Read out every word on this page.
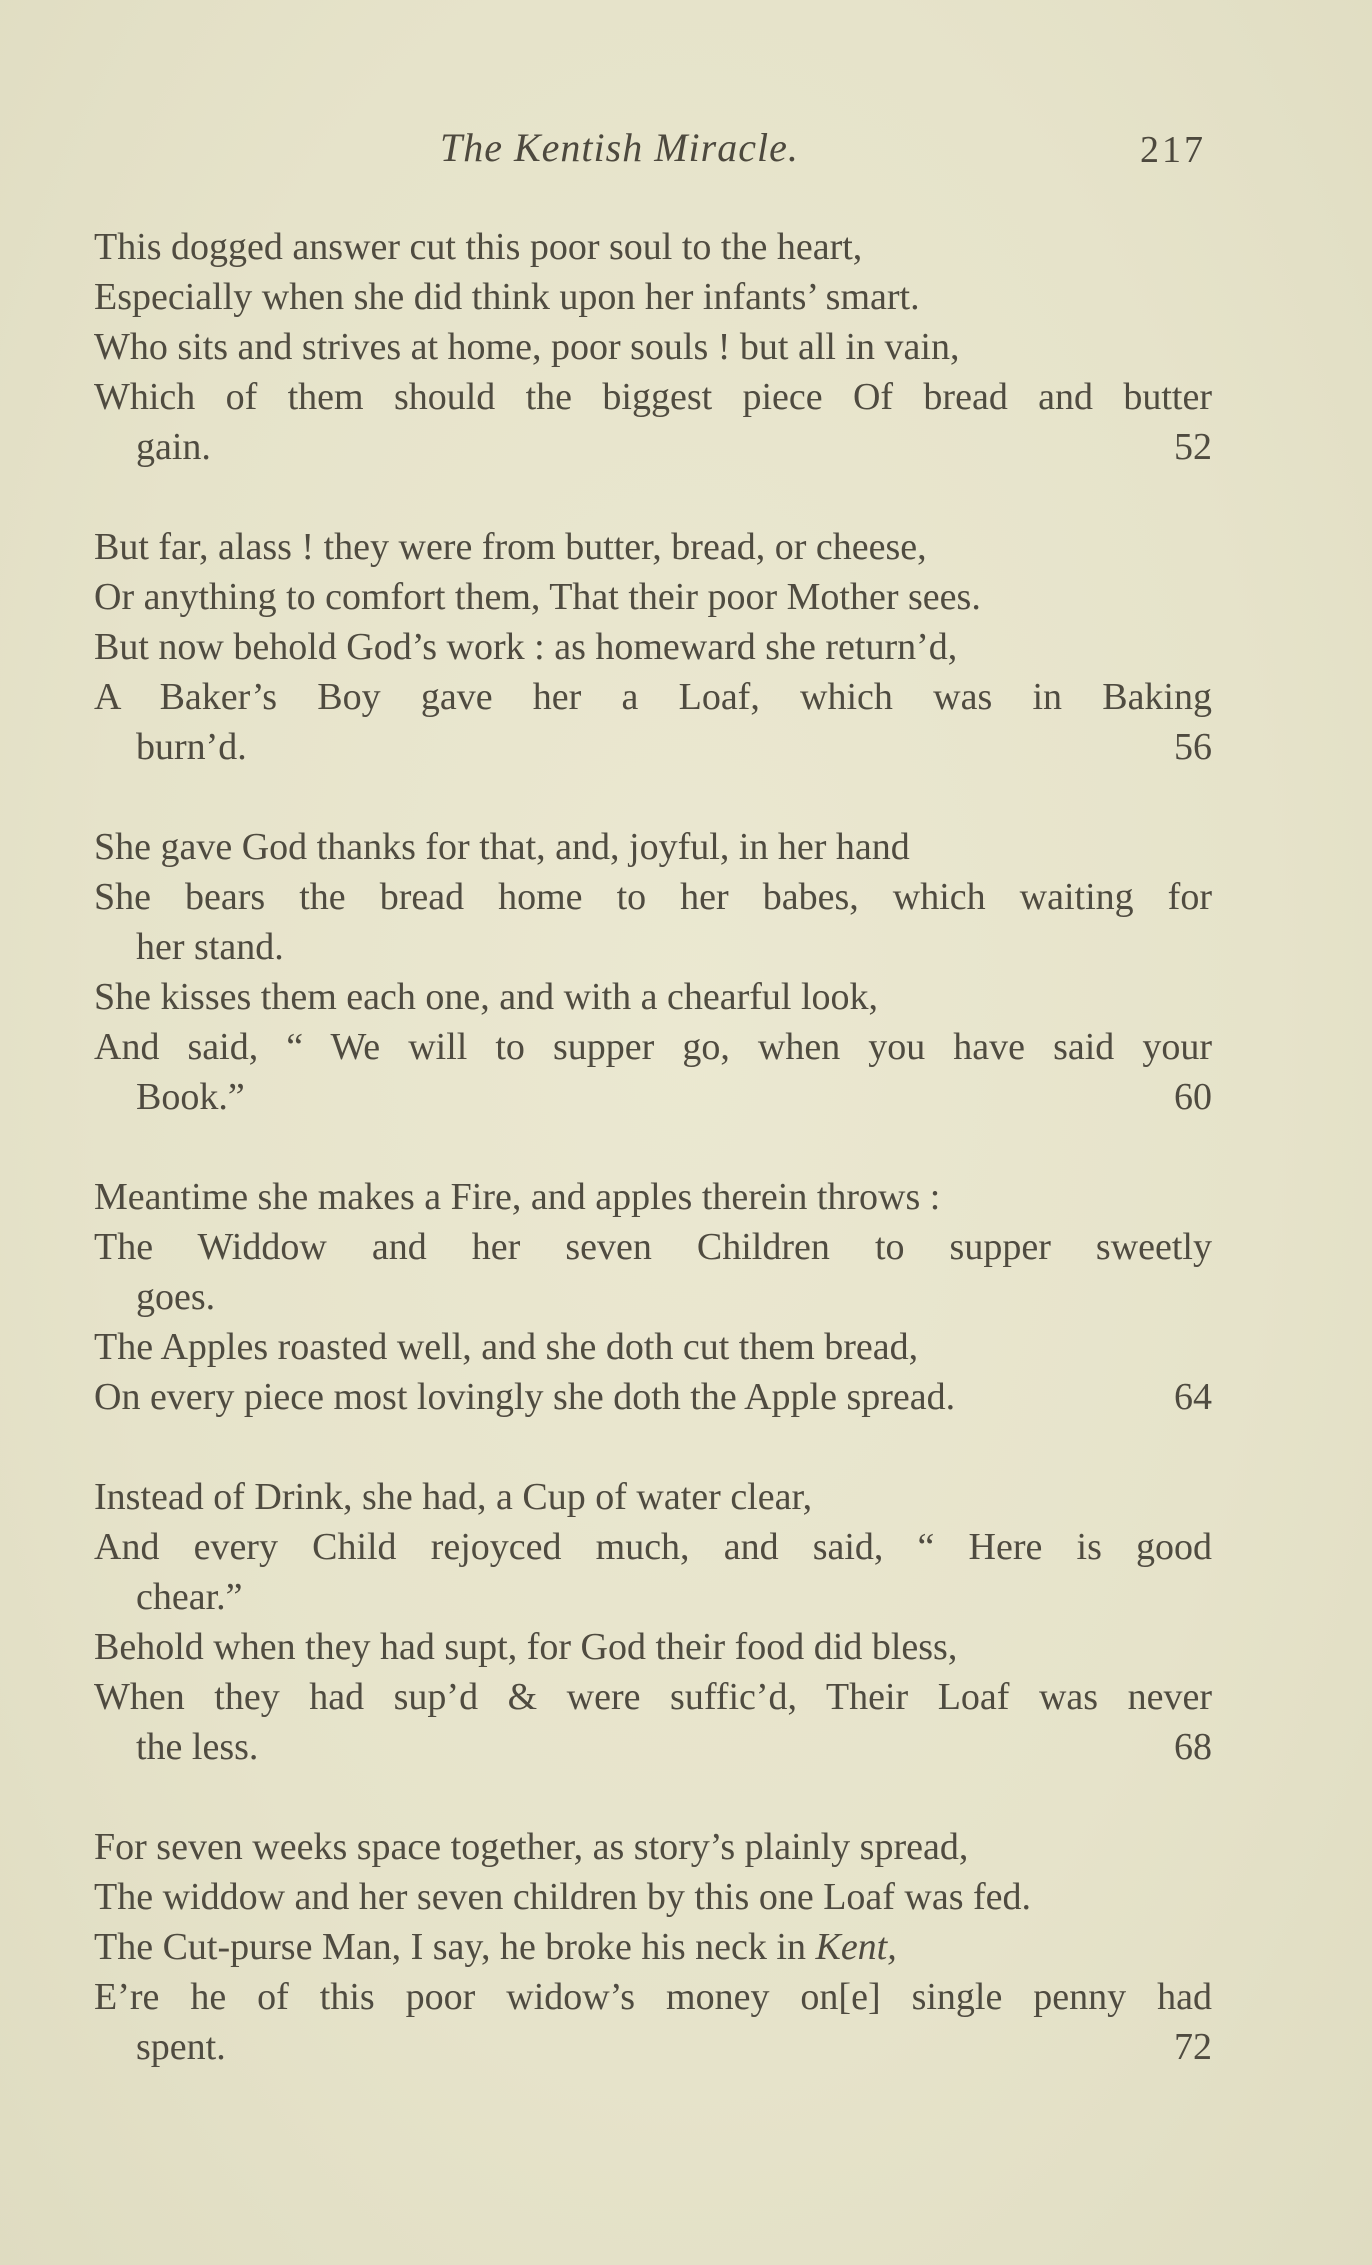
The Kentish Miracle.	217
This dogged answer cut this poor soul to the heart,
Especially when she did think upon her infants’ smart.
Who sits and strives at home, poor souls ! but all in vain,
Which of them should the biggest piece Of bread and butter
gain.	52
But far, alass ! they were from butter, bread, or cheese,
Or anything to comfort them, That their poor Mother sees.
But now behold God’s work : as homeward she return’d,
A Baker’s Boy gave her a Loaf, which was in Baking
burn’d.	56
She gave God thanks for that, and, joyful, in her hand
She bears the bread home to her babes, which waiting for
her stand.
She kisses them each one, and with a chearful look,
And said, “ We will to supper go, when you have said your
Book.”	60
Meantime she makes a Fire, and apples therein throws :
The Widdow and her seven Children to supper sweetly
goes.
The Apples roasted well, and she doth cut them bread,
On every piece most lovingly she doth the Apple spread.	64
Instead of Drink, she had, a Cup of water clear,
And every Child rejoyced much, and said, “ Here is good
chear.”
Behold when they had supt, for God their food did bless,
When they had sup’d & were suffic’d, Their Loaf was never
the less.	68
For seven weeks space together, as story’s plainly spread,
The widdow and her seven children by this one Loaf was fed.
The Cut-purse Man, I say, he broke his neck in Kent,
E’re he of this poor widow’s money on[e] single penny had
spent.	72
